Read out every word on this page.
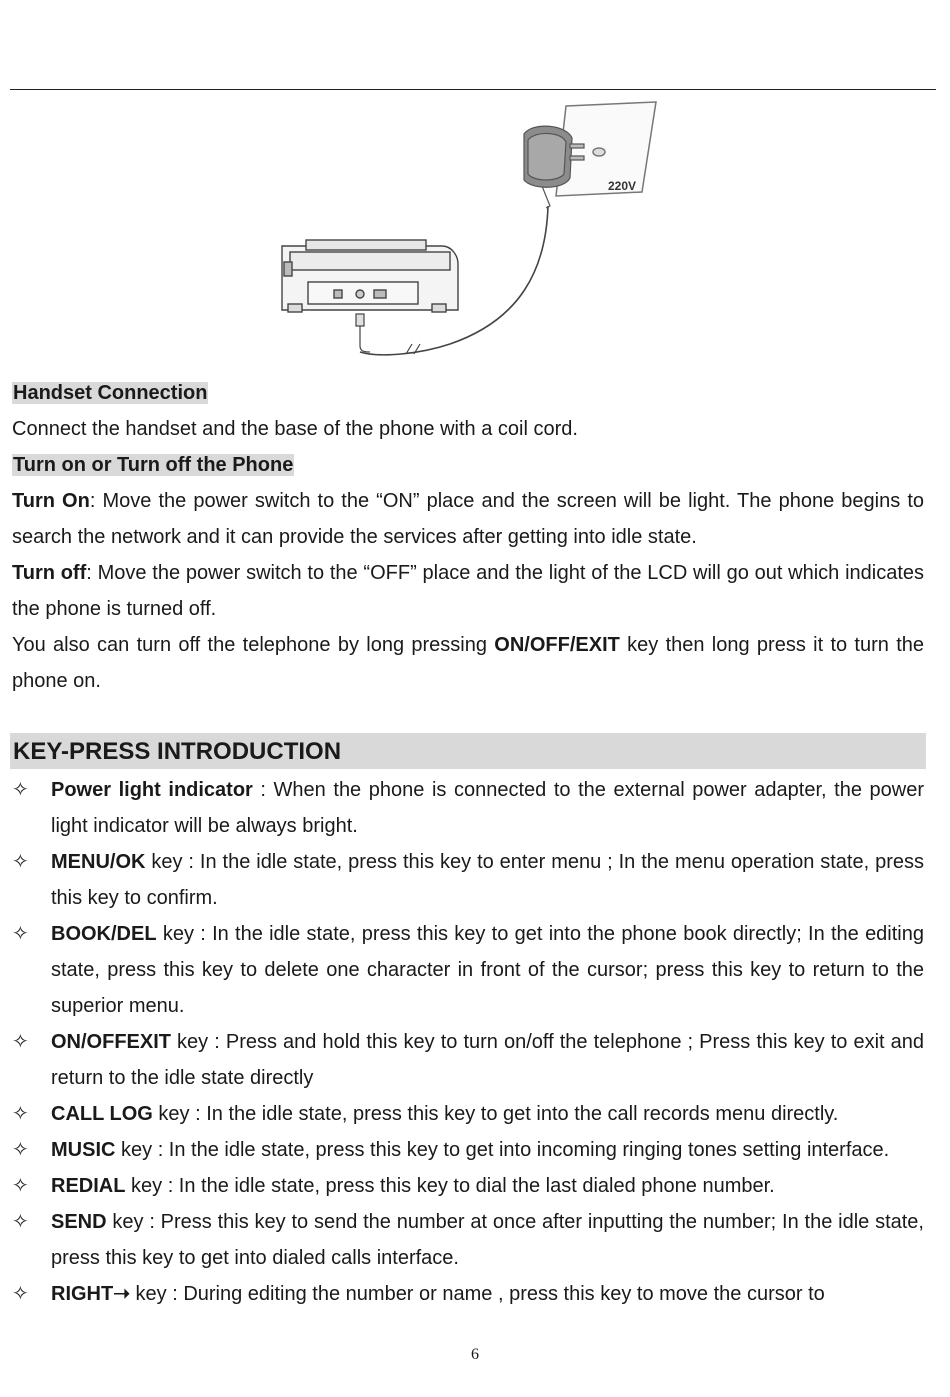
220V
Handset Connection
Connect the handset and the base of the phone with a coil cord.
Turn on or Turn off the Phone
Turn On: Move the power switch to the “ON” place and the screen will be light. The phone begins to search the network and it can provide the services after getting into idle state.
Turn off: Move the power switch to the “OFF” place and the light of the LCD will go out which indicates the phone is turned off.
You also can turn off the telephone by long pressing ON/OFF/EXIT key then long press it to turn the phone on.
KEY-PRESS INTRODUCTION
✧	Power light indicator : When the phone is connected to the external power adapter, the power light indicator will be always bright.
✧	MENU/OK key : In the idle state, press this key to enter menu ; In the menu operation state, press this key to confirm.
✧	BOOK/DEL key : In the idle state, press this key to get into the phone book directly; In the editing state, press this key to delete one character in front of the cursor; press this key to return to the superior menu.
✧	ON/OFFEXIT key : Press and hold this key to turn on/off the telephone ; Press this key to exit and return to the idle state directly
✧	CALL LOG key : In the idle state, press this key to get into the call records menu directly.
✧	MUSIC key : In the idle state, press this key to get into incoming ringing tones setting interface.
✧	REDIAL key : In the idle state, press this key to dial the last dialed phone number.
✧	SEND key : Press this key to send the number at once after inputting the number; In the idle state, press this key to get into dialed calls interface.
✧	RIGHT➝ key : During editing the number or name , press this key to move the cursor to
6
